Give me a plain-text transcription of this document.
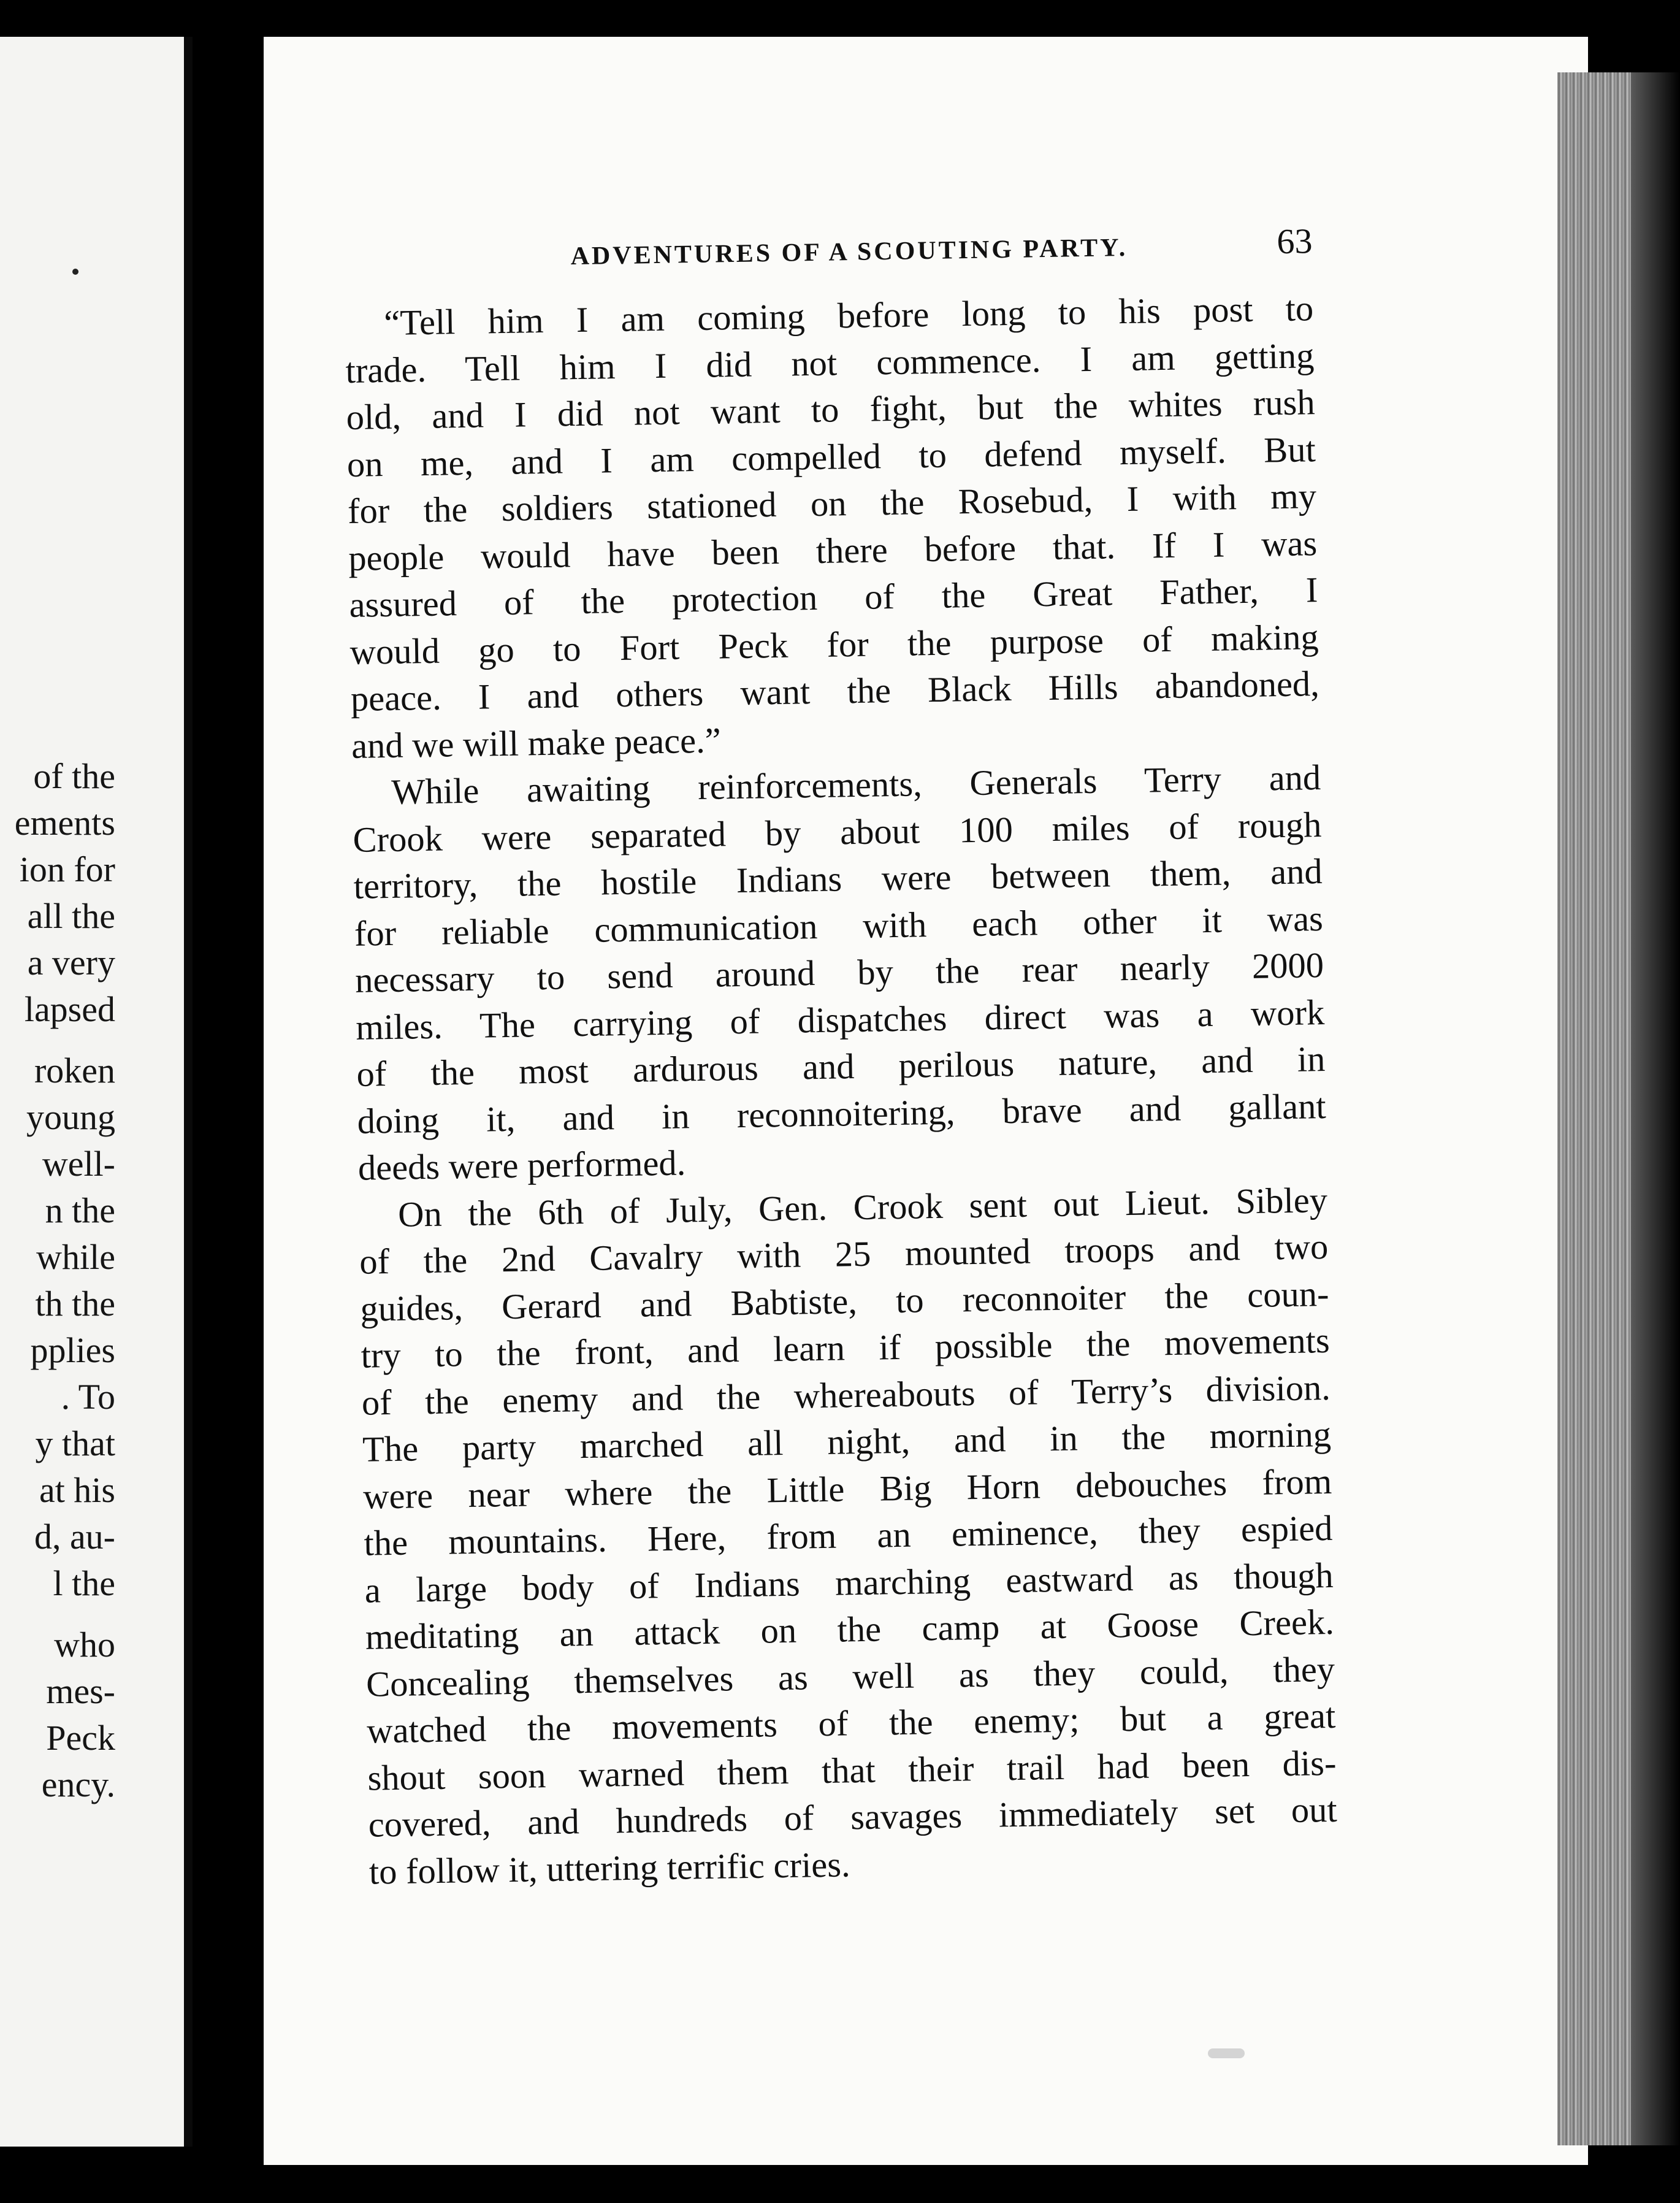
of the
ements
ion for
all the
a very
lapsed
roken
young
well-
n the
while
th the
pplies
. To
y that
at his
d, au-
l the
who
mes-
Peck
ency.
ADVENTURES OF A SCOUTING PARTY.	63
“Tell him I am coming before long to his post to
trade. Tell him I did not commence. I am getting
old, and I did not want to fight, but the whites rush
on me, and I am compelled to defend myself. But
for the soldiers stationed on the Rosebud, I with my
people would have been there before that. If I was
assured of the protection of the Great Father, I
would go to Fort Peck for the purpose of making
peace. I and others want the Black Hills abandoned,
and we will make peace.”
While awaiting reinforcements, Generals Terry and
Crook were separated by about 100 miles of rough
territory, the hostile Indians were between them, and
for reliable communication with each other it was
necessary to send around by the rear nearly 2000
miles. The carrying of dispatches direct was a work
of the most ardurous and perilous nature, and in
doing it, and in reconnoitering, brave and gallant
deeds were performed.
On the 6th of July, Gen. Crook sent out Lieut. Sibley
of the 2nd Cavalry with 25 mounted troops and two
guides, Gerard and Babtiste, to reconnoiter the coun-
try to the front, and learn if possible the movements
of the enemy and the whereabouts of Terry’s division.
The party marched all night, and in the morning
were near where the Little Big Horn debouches from
the mountains. Here, from an eminence, they espied
a large body of Indians marching eastward as though
meditating an attack on the camp at Goose Creek.
Concealing themselves as well as they could, they
watched the movements of the enemy; but a great
shout soon warned them that their trail had been dis-
covered, and hundreds of savages immediately set out
to follow it, uttering terrific cries.
